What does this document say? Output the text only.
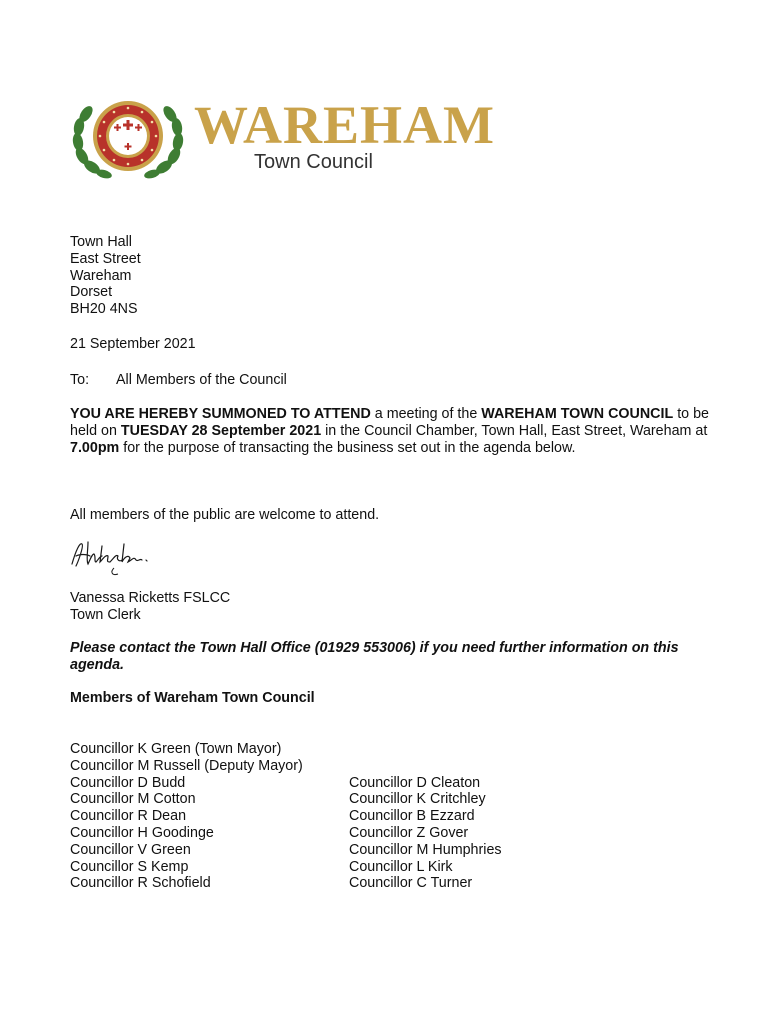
WAREHAM
Town Council
Town Hall
East Street
Wareham
Dorset
BH20 4NS
21 September 2021
To: All Members of the Council

YOU ARE HEREBY SUMMONED TO ATTEND a meeting of the WAREHAM TOWN COUNCIL to be held on TUESDAY 28 September 2021 in the Council Chamber, Town Hall, East Street, Wareham at 7.00pm for the purpose of transacting the business set out in the agenda below.

All members of the public are welcome to attend.
Vanessa Ricketts FSLCC
Town Clerk

Please contact the Town Hall Office (01929 553006) if you need further information on this agenda.

Members of Wareham Town Council
Councillor K Green (Town Mayor)
Councillor M Russell (Deputy Mayor)
Councillor D Budd
Councillor M Cotton
Councillor R Dean
Councillor H Goodinge
Councillor V Green
Councillor S Kemp
Councillor R Schofield
Councillor D Cleaton
Councillor K Critchley
Councillor B Ezzard
Councillor Z Gover
Councillor M Humphries
Councillor L Kirk
Councillor C Turner
